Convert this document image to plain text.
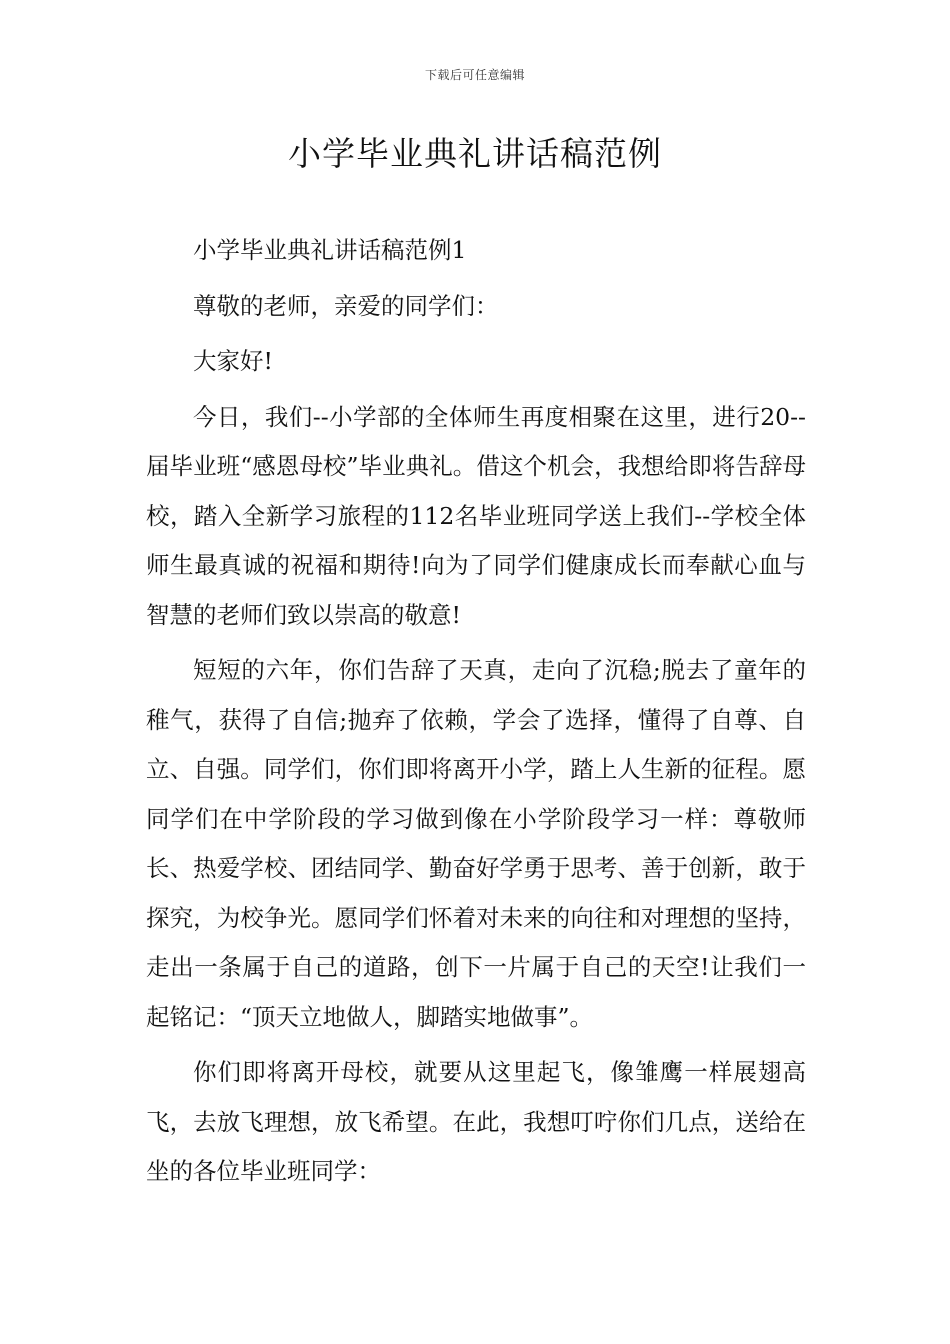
下载后可任意编辑
小学毕业典礼讲话稿范例

小学毕业典礼讲话稿范例1

尊敬的老师，亲爱的同学们：

大家好!

今日，我们--小学部的全体师生再度相聚在这里，进行20--届毕业班“感恩母校”毕业典礼。借这个机会，我想给即将告辞母校，踏入全新学习旅程的112名毕业班同学送上我们--学校全体师生最真诚的祝福和期待!向为了同学们健康成长而奉献心血与智慧的老师们致以崇高的敬意!

短短的六年，你们告辞了天真，走向了沉稳;脱去了童年的稚气，获得了自信;抛弃了依赖，学会了选择，懂得了自尊、自立、自强。同学们，你们即将离开小学，踏上人生新的征程。愿同学们在中学阶段的学习做到像在小学阶段学习一样：尊敬师长、热爱学校、团结同学、勤奋好学勇于思考、善于创新，敢于探究，为校争光。愿同学们怀着对未来的向往和对理想的坚持，走出一条属于自己的道路，创下一片属于自己的天空!让我们一起铭记：“顶天立地做人，脚踏实地做事”。

你们即将离开母校，就要从这里起飞，像雏鹰一样展翅高飞，去放飞理想，放飞希望。在此，我想叮咛你们几点，送给在坐的各位毕业班同学：
